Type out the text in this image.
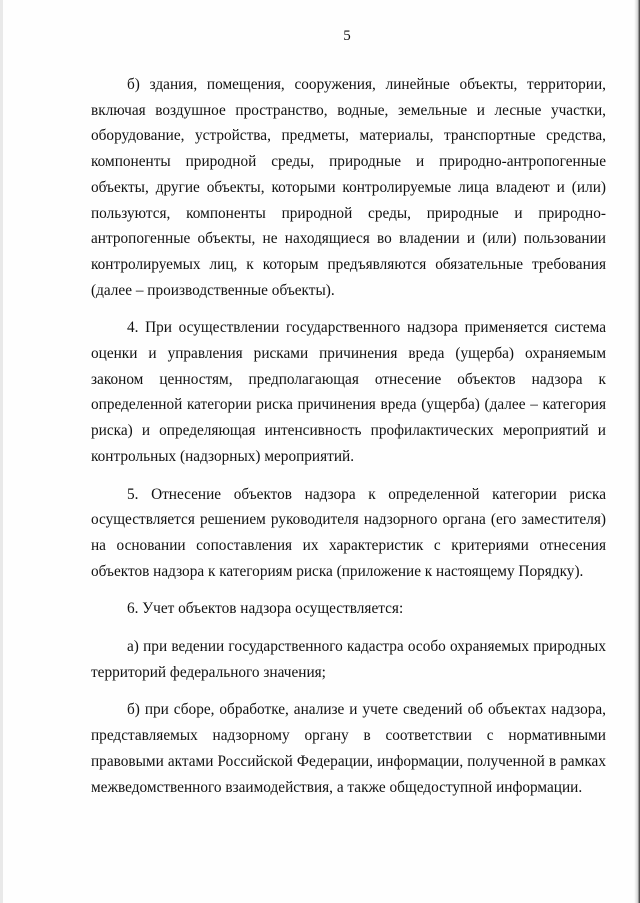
5

б) здания, помещения, сооружения, линейные объекты, территории, включая воздушное пространство, водные, земельные и лесные участки, оборудование, устройства, предметы, материалы, транспортные средства, компоненты природной среды, природные и природно-антропогенные объекты, другие объекты, которыми контролируемые лица владеют и (или) пользуются, компоненты природной среды, природные и природно-антропогенные объекты, не находящиеся во владении и (или) пользовании контролируемых лиц, к которым предъявляются обязательные требования (далее – производственные объекты).

4. При осуществлении государственного надзора применяется система оценки и управления рисками причинения вреда (ущерба) охраняемым законом ценностям, предполагающая отнесение объектов надзора к определенной категории риска причинения вреда (ущерба) (далее – категория риска) и определяющая интенсивность профилактических мероприятий и контрольных (надзорных) мероприятий.

5. Отнесение объектов надзора к определенной категории риска осуществляется решением руководителя надзорного органа (его заместителя) на основании сопоставления их характеристик с критериями отнесения объектов надзора к категориям риска (приложение к настоящему Порядку).

6. Учет объектов надзора осуществляется:

а) при ведении государственного кадастра особо охраняемых природных территорий федерального значения;

б) при сборе, обработке, анализе и учете сведений об объектах надзора, представляемых надзорному органу в соответствии с нормативными правовыми актами Российской Федерации, информации, полученной в рамках межведомственного взаимодействия, а также общедоступной информации.
